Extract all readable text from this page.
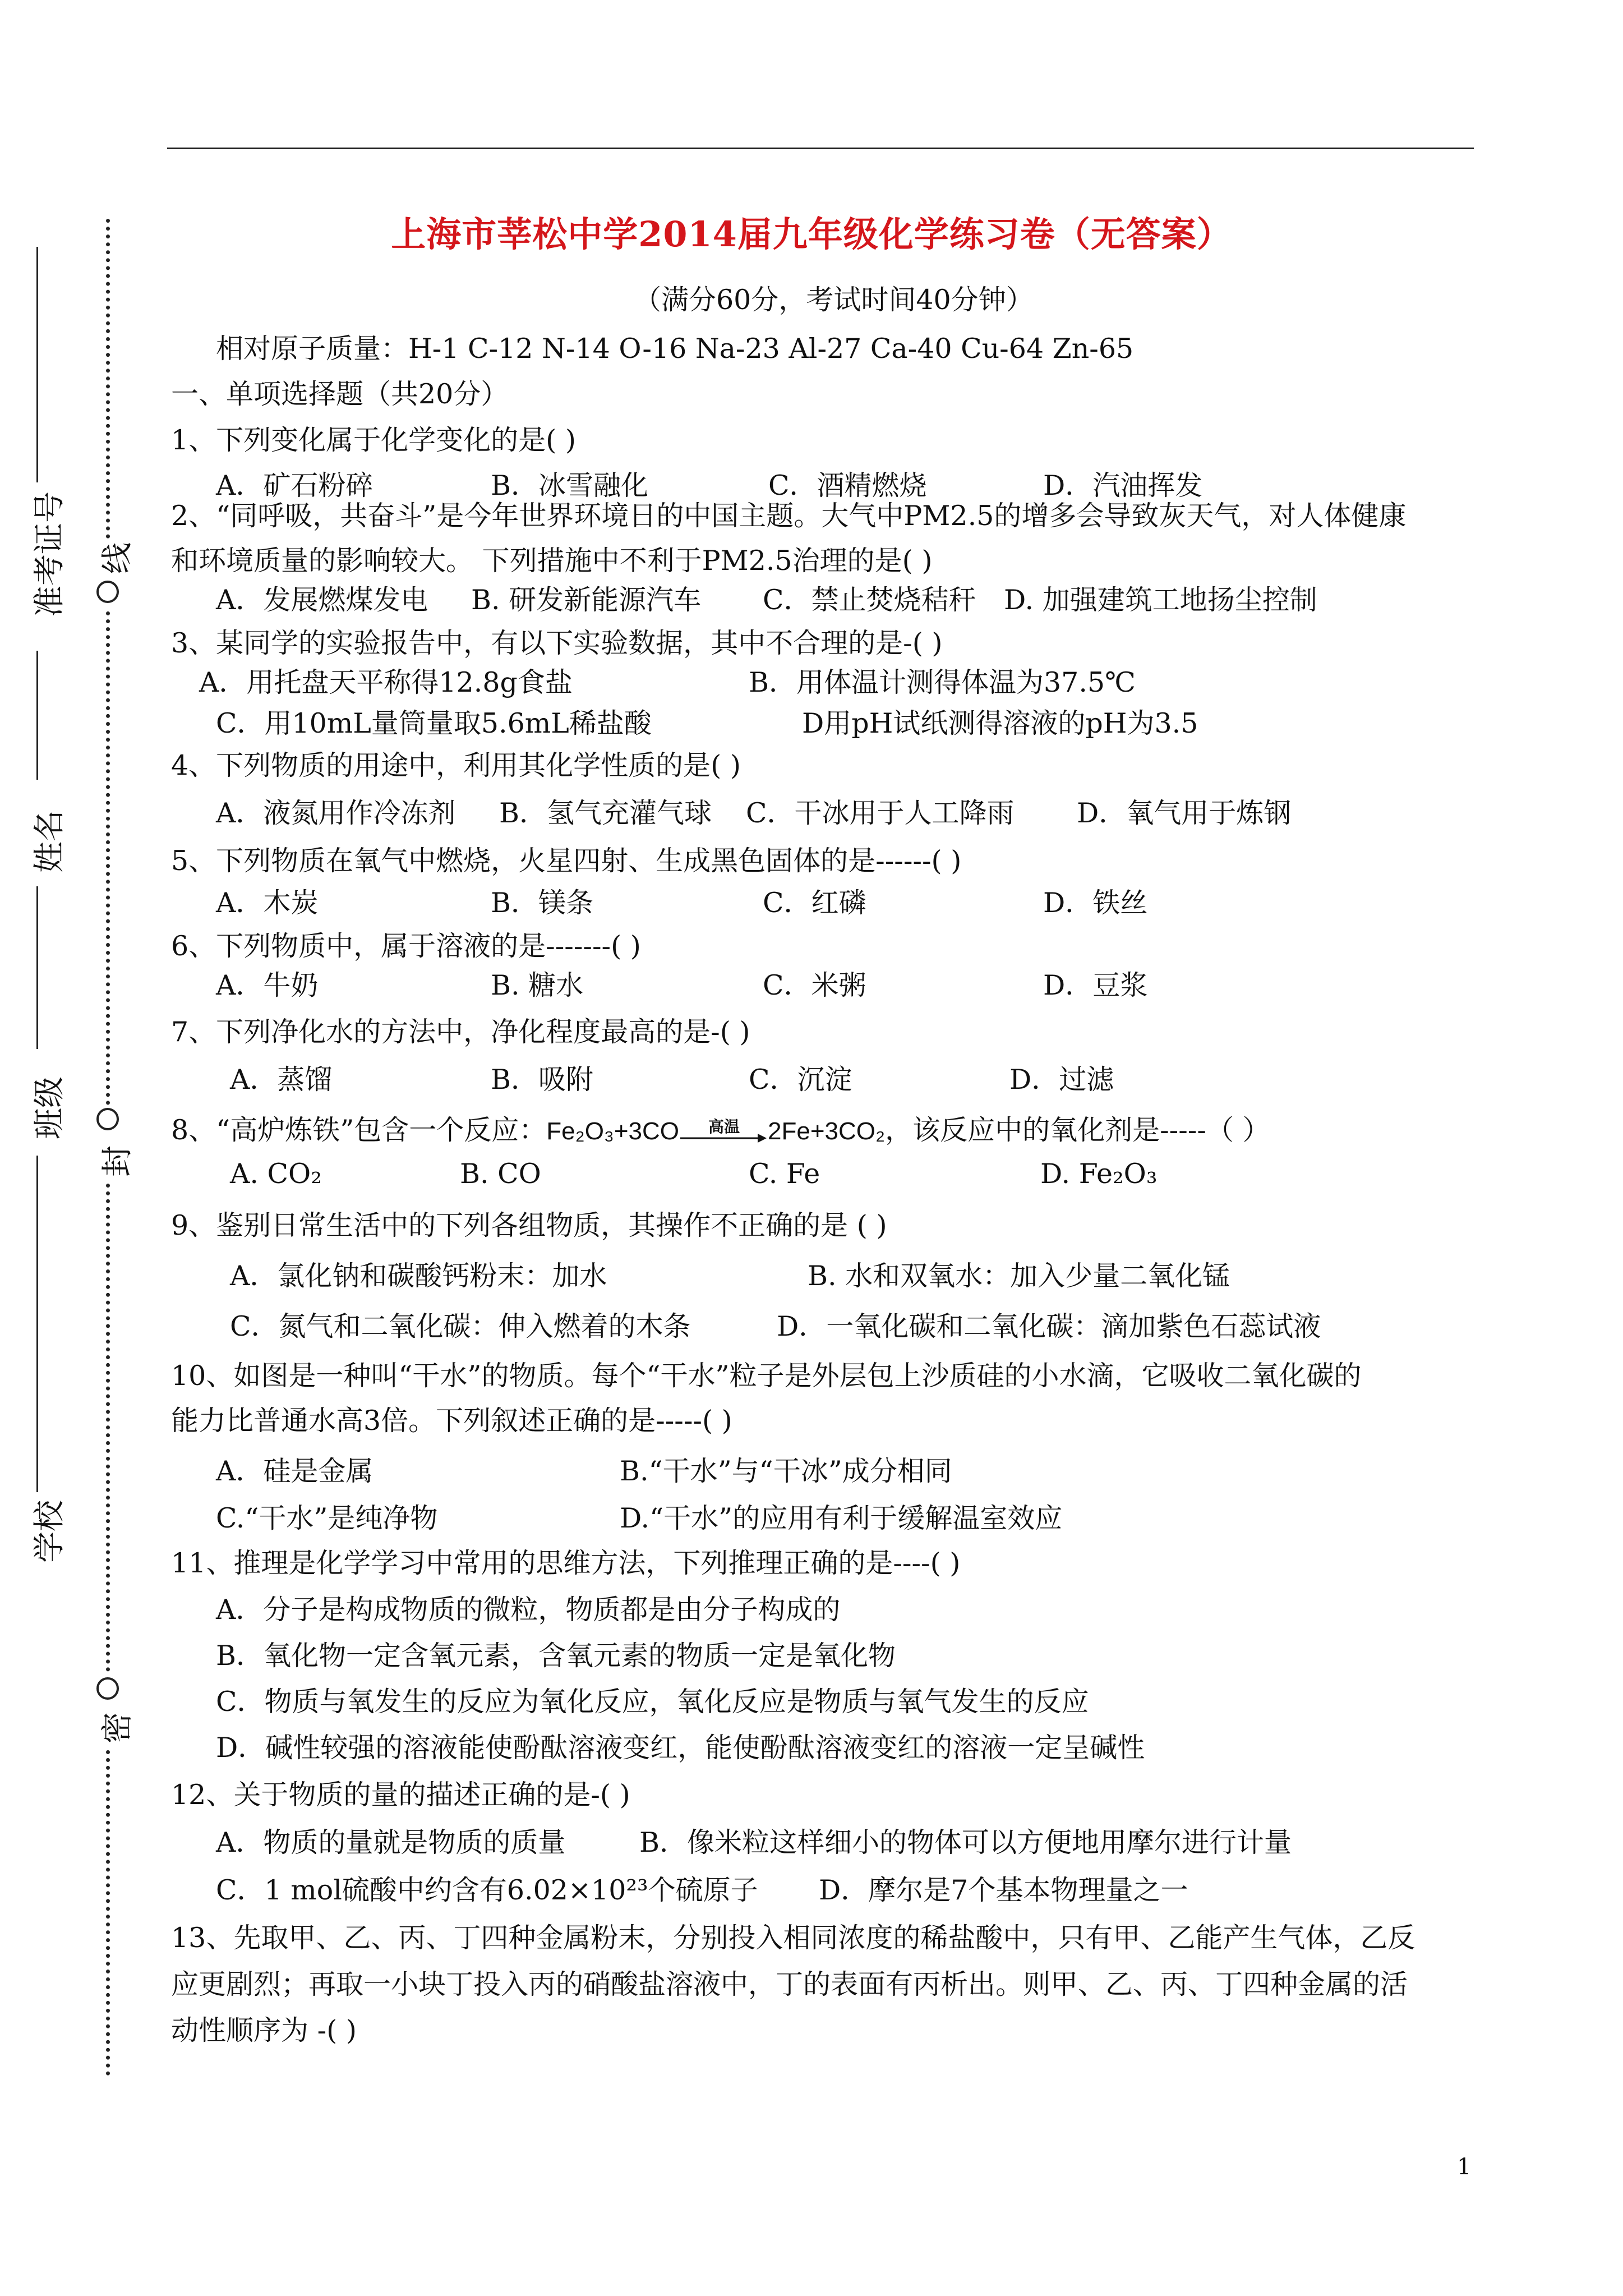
准考证号
姓名
班级
学校
线
封
密
上海市莘松中学2014届九年级化学练习卷（无答案）
（满分60分，考试时间40分钟）
相对原子质量：H-1 C-12 N-14 O-16 Na-23 Al-27 Ca-40 Cu-64 Zn-65
一、单项选择题（共20分）
1、下列变化属于化学变化的是( )
A．矿石粉碎	B．冰雪融化	C．酒精燃烧	D．汽油挥发
2、“同呼吸，共奋斗”是今年世界环境日的中国主题。大气中PM2.5的增多会导致灰天气，对人体健康
和环境质量的影响较大。 下列措施中不利于PM2.5治理的是( )
A．发展燃煤发电 B. 研发新能源汽车 C．禁止焚烧秸秆 D. 加强建筑工地扬尘控制
3、某同学的实验报告中，有以下实验数据，其中不合理的是-( )
A．用托盘天平称得12.8g食盐	B．用体温计测得体温为37.5℃
C．用10mL量筒量取5.6mL稀盐酸	D用pH试纸测得溶液的pH为3.5
4、下列物质的用途中，利用其化学性质的是( )
A．液氮用作冷冻剂 B．氢气充灌气球 C．干冰用于人工降雨 D．氧气用于炼钢
5、下列物质在氧气中燃烧，火星四射、生成黑色固体的是------( )
A．木炭	B．镁条	C．红磷	D．铁丝
6、下列物质中，属于溶液的是-------( )
A．牛奶	B. 糖水	C．米粥	D．豆浆
7、下列净化水的方法中，净化程度最高的是-( )
A．蒸馏	B．吸附	C．沉淀	D．过滤
8、“高炉炼铁”包含一个反应：Fe₂O₃+3CO 高温 2Fe+3CO₂，该反应中的氧化剂是-----（ ）
A. CO₂	B. CO	C. Fe	D. Fe₂O₃
9、鉴别日常生活中的下列各组物质，其操作不正确的是 ( )
A．氯化钠和碳酸钙粉末：加水	B. 水和双氧水：加入少量二氧化锰
C．氮气和二氧化碳：伸入燃着的木条	D．一氧化碳和二氧化碳：滴加紫色石蕊试液
10、如图是一种叫“干水”的物质。每个“干水”粒子是外层包上沙质硅的小水滴，它吸收二氧化碳的
能力比普通水高3倍。下列叙述正确的是-----( )
A．硅是金属	B.“干水”与“干冰”成分相同
C.“干水”是纯净物	D.“干水”的应用有利于缓解温室效应
11、推理是化学学习中常用的思维方法，下列推理正确的是----( )
A．分子是构成物质的微粒，物质都是由分子构成的
B．氧化物一定含氧元素，含氧元素的物质一定是氧化物
C．物质与氧发生的反应为氧化反应，氧化反应是物质与氧气发生的反应
D．碱性较强的溶液能使酚酞溶液变红，能使酚酞溶液变红的溶液一定呈碱性
12、关于物质的量的描述正确的是-( )
A．物质的量就是物质的质量	B．像米粒这样细小的物体可以方便地用摩尔进行计量
C．1 mol硫酸中约含有6.02×10²³个硫原子 D．摩尔是7个基本物理量之一
13、先取甲、乙、丙、丁四种金属粉末，分别投入相同浓度的稀盐酸中，只有甲、乙能产生气体，乙反
应更剧烈；再取一小块丁投入丙的硝酸盐溶液中，丁的表面有丙析出。则甲、乙、丙、丁四种金属的活
动性顺序为 -( )
1
